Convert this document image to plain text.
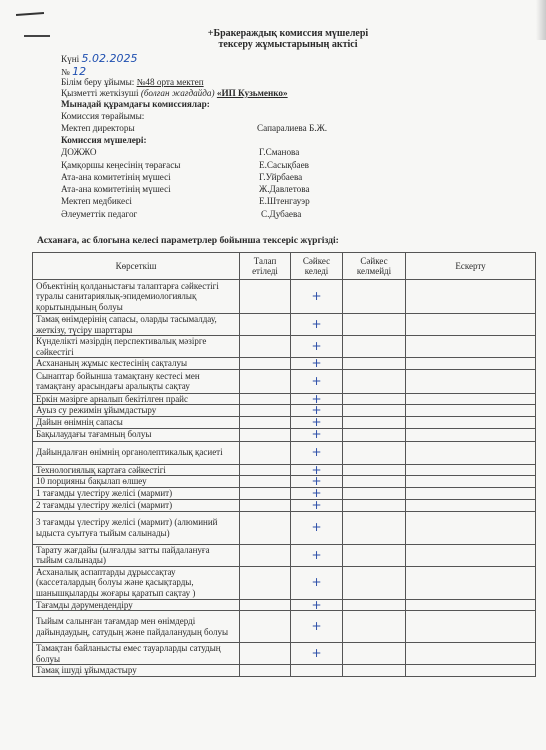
+Бракераждық комиссия мүшелері
тексеру жұмыстарының актісі
Күні 5.02.2025
№ 12
Білім беру ұйымы: №48 орта мектеп
Қызметті жеткізуші (болған жағдайда) «ИП Кузьменко»
Мынадай құрамдағы комиссиялар:
Комиссия төрайымы:
Мектеп директоры	Сапаралиева Б.Ж.
Комиссия мүшелері:
ДОЖЖО	Г.Сманова
Қамқоршы кеңесінің төрағасы	Е.Сасықбаев
Ата-ана комитетінің мүшесі	Г.Уйрбаева
Ата-ана комитетінің мүшесі	Ж.Давлетова
Мектеп медбикесі	Е.Штенгауэр
Әлеуметтік педагог	С.Дубаева
Асханаға, ас блогына келесі параметрлер бойынша тексеріс жүргізді:
Көрсеткіш	Талап етіледі	Сәйкес келеді	Сәйкес келмейді	Ескерту
Объектінің қолданыстағы талаптарға сәйкестігі туралы санитариялық-эпидемиологиялық қорытындының болуы		+		
Тамақ өнімдерінің сапасы, оларды тасымалдау, жеткізу, түсіру шарттары		+		
Күнделікті мәзірдің перспективалық мәзірге сәйкестігі		+		
Асхананың жұмыс кестесінің сақталуы		+		
Сынаптар бойынша тамақтану кестесі мен тамақтану арасындағы аралықты сақтау		+		
Еркін мәзірге арналып бекітілген прайс		+		
Ауыз су режимін ұйымдастыру		+		
Дайын өнімнің сапасы		+		
Бақылаудағы тағамның болуы		+		
Дайындалған өнімнің органолептикалық қасиеті		+		
Технологиялық картаға сәйкестігі		+		
10 порцияны бақылап өлшеу		+		
1 тағамды үлестіру желісі (мармит)		+		
2 тағамды үлестіру желісі (мармит)		+		
3 тағамды үлестіру желісі (мармит) (алюминий ыдыста суытуға тыйым салынады)		+		
Тарату жағдайы (ылғалды затты пайдалануға тыйым салынады)		+		
Асханалық аспаптарды дұрыссақтау (кассеталардың болуы және қасықтарды, шанышқыларды жоғары қаратып сақтау )		+		
Тағамды дәрумендендіру		+		
Тыйым салынған тағамдар мен өнімдерді дайындаудың, сатудың және пайдаланудың болуы		+		
Тамақтан байланысты емес тауарларды сатудың болуы		+		
Тамақ ішуді ұйымдастыру				
